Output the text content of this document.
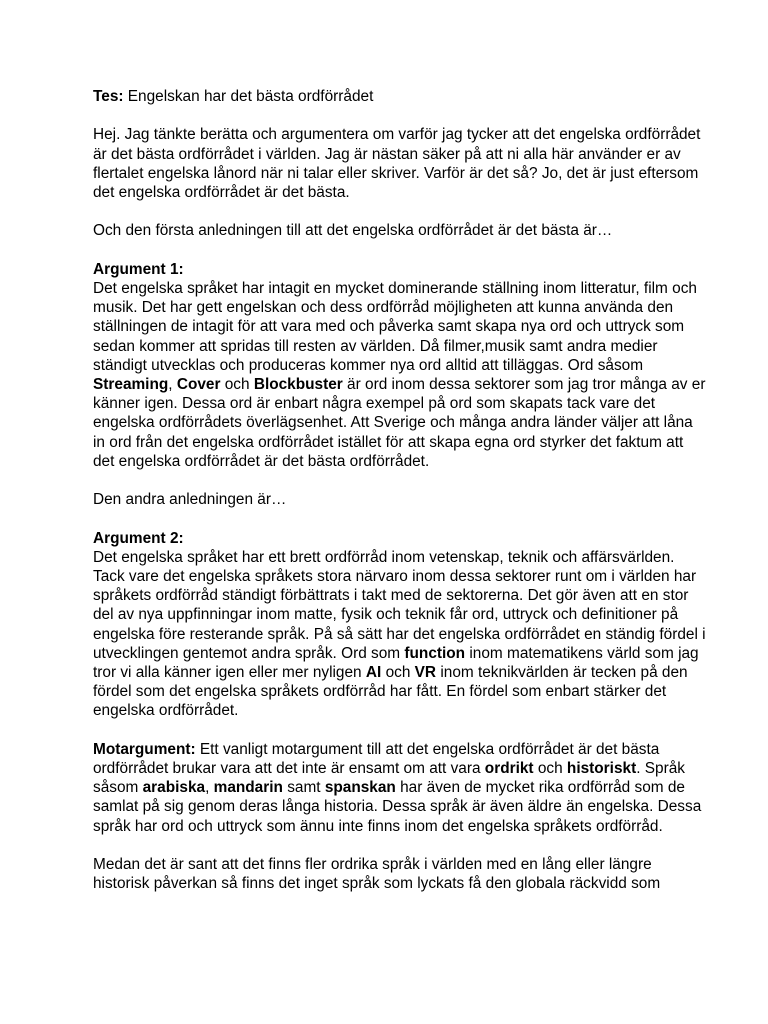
Tes: Engelskan har det bästa ordförrådet

Hej. Jag tänkte berätta och argumentera om varför jag tycker att det engelska ordförrådet är det bästa ordförrådet i världen. Jag är nästan säker på att ni alla här använder er av flertalet engelska lånord när ni talar eller skriver. Varför är det så? Jo, det är just eftersom det engelska ordförrådet är det bästa.

Och den första anledningen till att det engelska ordförrådet är det bästa är…

Argument 1:

Det engelska språket har intagit en mycket dominerande ställning inom litteratur, film och musik. Det har gett engelskan och dess ordförråd möjligheten att kunna använda den ställningen de intagit för att vara med och påverka samt skapa nya ord och uttryck som sedan kommer att spridas till resten av världen. Då filmer,musik samt andra medier ständigt utvecklas och produceras kommer nya ord alltid att tilläggas. Ord såsom Streaming, Cover och Blockbuster är ord inom dessa sektorer som jag tror många av er känner igen. Dessa ord är enbart några exempel på ord som skapats tack vare det engelska ordförrådets överlägsenhet. Att Sverige och många andra länder väljer att låna in ord från det engelska ordförrådet istället för att skapa egna ord styrker det faktum att det engelska ordförrådet är det bästa ordförrådet.

Den andra anledningen är…

Argument 2:

Det engelska språket har ett brett ordförråd inom vetenskap, teknik och affärsvärlden. Tack vare det engelska språkets stora närvaro inom dessa sektorer runt om i världen har språkets ordförråd ständigt förbättrats i takt med de sektorerna. Det gör även att en stor del av nya uppfinningar inom matte, fysik och teknik får ord, uttryck och definitioner på engelska före resterande språk. På så sätt har det engelska ordförrådet en ständig fördel i utvecklingen gentemot andra språk. Ord som function inom matematikens värld som jag tror vi alla känner igen eller mer nyligen AI och VR inom teknikvärlden är tecken på den fördel som det engelska språkets ordförråd har fått. En fördel som enbart stärker det engelska ordförrådet.

Motargument: Ett vanligt motargument till att det engelska ordförrådet är det bästa ordförrådet brukar vara att det inte är ensamt om att vara ordrikt och historiskt. Språk såsom arabiska, mandarin samt spanskan har även de mycket rika ordförråd som de samlat på sig genom deras långa historia. Dessa språk är även äldre än engelska. Dessa språk har ord och uttryck som ännu inte finns inom det engelska språkets ordförråd.

Medan det är sant att det finns fler ordrika språk i världen med en lång eller längre historisk påverkan så finns det inget språk som lyckats få den globala räckvidd som
